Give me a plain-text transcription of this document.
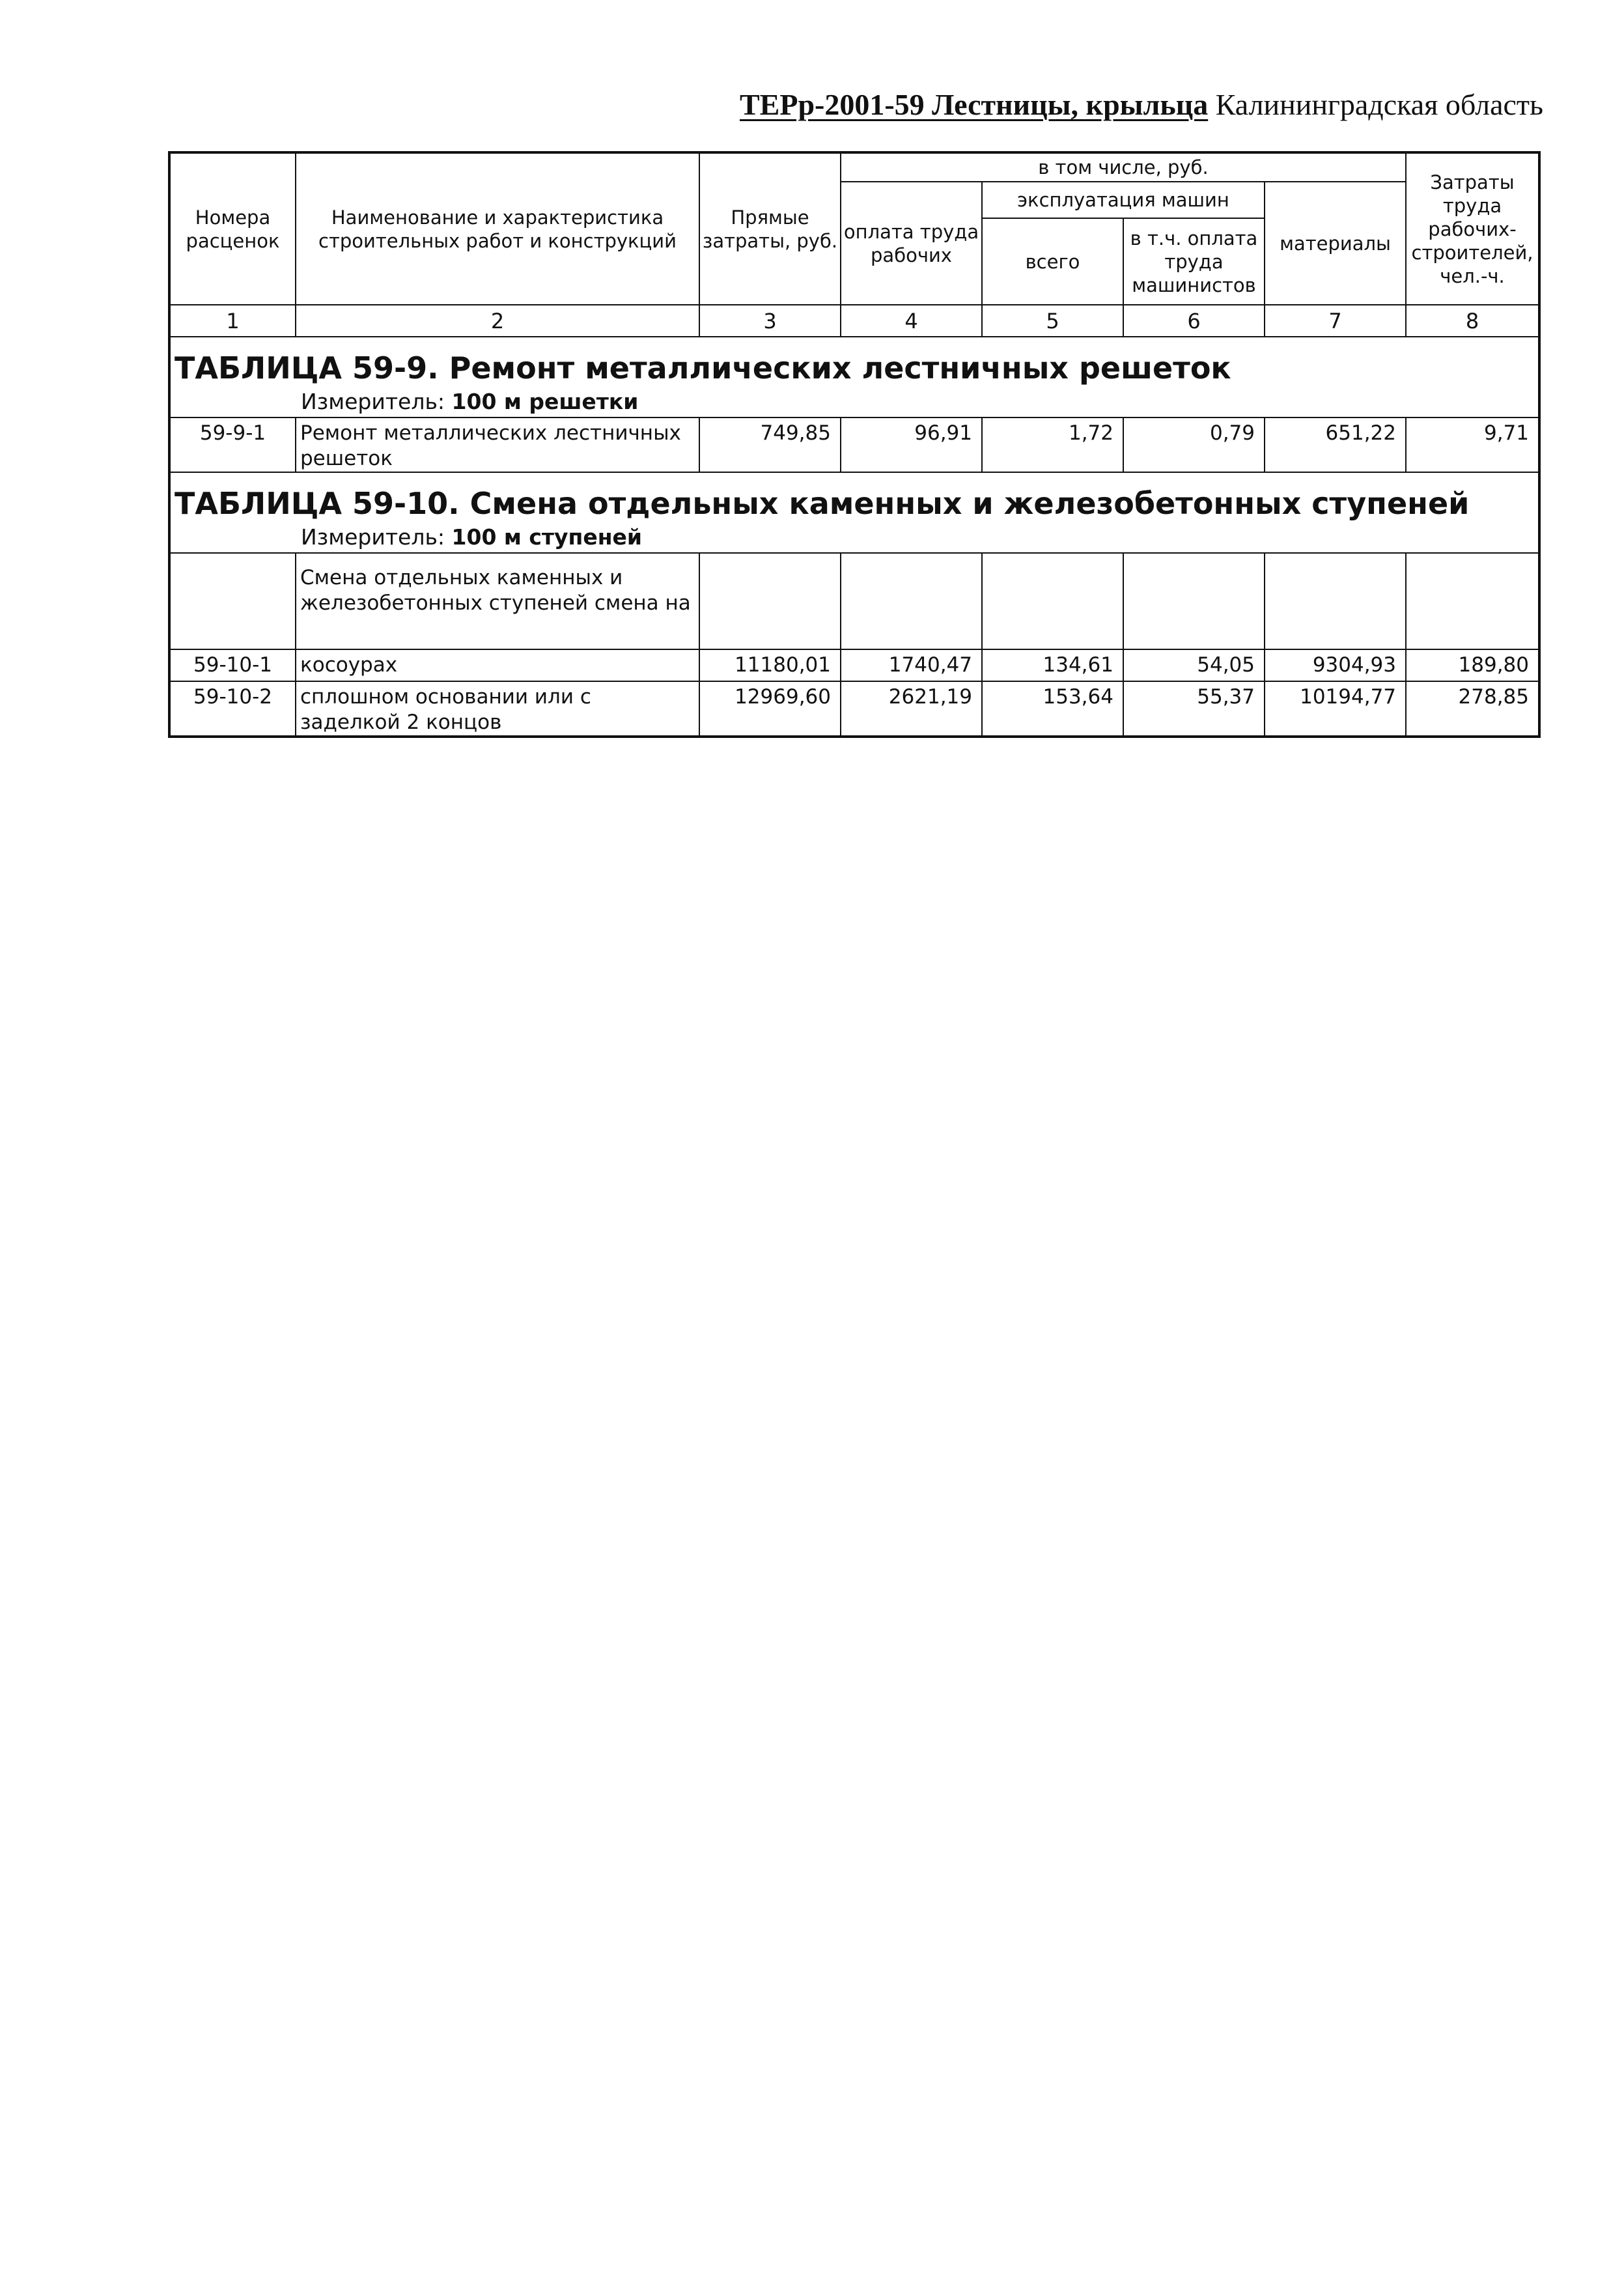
ТЕРр-2001-59 Лестницы, крыльца Калининградская область
Номера расценок	Наименование и характеристика строительных работ и конструкций	Прямые затраты, руб.	в том числе, руб.				Затраты труда рабочих-строителей, чел.-ч.
			оплата труда рабочих	эксплуатация машин		материалы	
				всего	в т.ч. оплата труда машинистов		
1	2	3	4	5	6	7	8
ТАБЛИЦА 59-9. Ремонт металлических лестничных решеток							
Измеритель: 100 м решетки							
59-9-1	Ремонт металлических лестничных решеток	749,85	96,91	1,72	0,79	651,22	9,71
ТАБЛИЦА 59-10. Смена отдельных каменных и железобетонных ступеней							
Измеритель: 100 м ступеней							
	Смена отдельных каменных и железобетонных ступеней смена на						
59-10-1	косоурах	11180,01	1740,47	134,61	54,05	9304,93	189,80
59-10-2	сплошном основании или с заделкой 2 концов	12969,60	2621,19	153,64	55,37	10194,77	278,85
